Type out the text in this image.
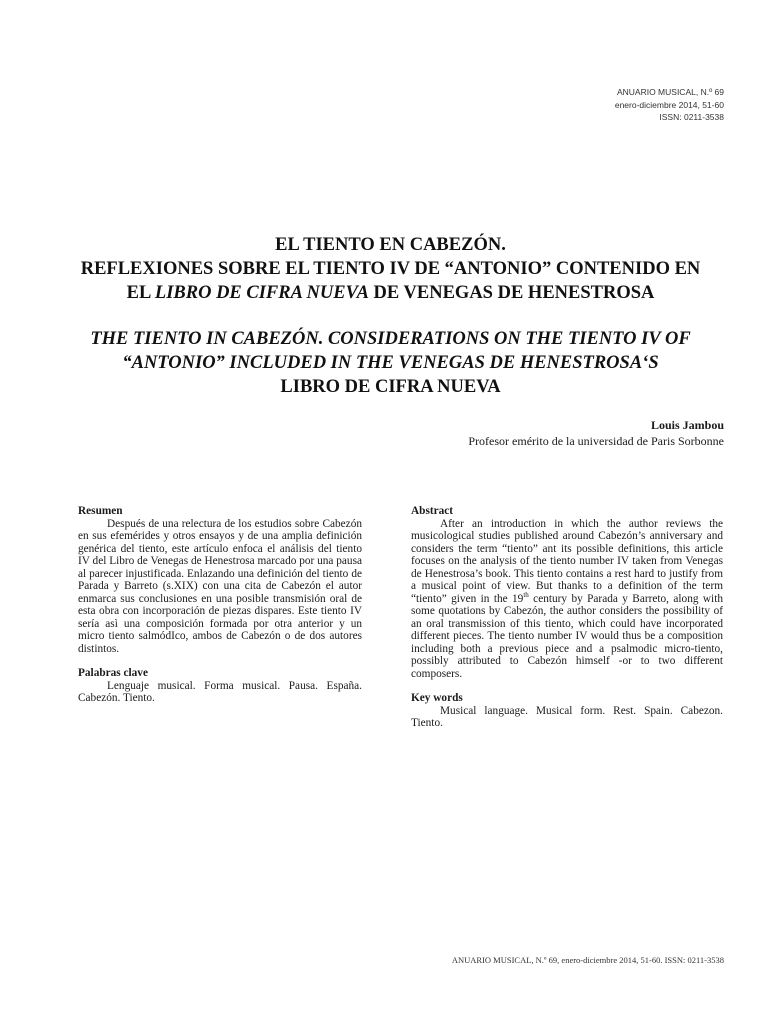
ANUARIO MUSICAL, N.º 69
enero-diciembre 2014, 51-60
ISSN: 0211-3538
EL TIENTO EN CABEZÓN.
REFLEXIONES SOBRE EL TIENTO IV DE “ANTONIO” CONTENIDO EN
EL LIBRO DE CIFRA NUEVA DE VENEGAS DE HENESTROSA
THE TIENTO IN CABEZÓN. CONSIDERATIONS ON THE TIENTO IV OF
“ANTONIO” INCLUDED IN THE VENEGAS DE HENESTROSA‘S
LIBRO DE CIFRA NUEVA
Louis Jambou
Profesor emérito de la universidad de Paris Sorbonne
Resumen

Después de una relectura de los estudios sobre Cabezón en sus efemérides y otros ensayos y de una amplia definición genérica del tiento, este artículo enfoca el análisis del tiento IV del Libro de Venegas de Henestrosa marcado por una pausa al parecer injustificada. Enlazando una definición del tiento de Parada y Barreto (s.XIX) con una cita de Cabezón el autor enmarca sus conclusiones en una posible transmisión oral de esta obra con incorporación de piezas dispares. Este tiento IV sería asì una composición formada por otra anterior y un micro tiento salmódIco, ambos de Cabezón o de dos autores distintos.

Palabras clave

Lenguaje musical. Forma musical. Pausa. España. Cabezón. Tiento.

Abstract

After an introduction in which the author reviews the musicological studies published around Cabezón’s anniversary and considers the term “tiento” ant its possible definitions, this article focuses on the analysis of the tiento number IV taken from Venegas de Henestrosa’s book. This tiento contains a rest hard to justify from a musical point of view. But thanks to a definition of the term “tiento” given in the 19th century by Parada y Barreto, along with some quotations by Cabezón, the author considers the possibility of an oral transmission of this tiento, which could have incorporated different pieces. The tiento number IV would thus be a composition including both a previous piece and a psalmodic micro-tiento, possibly attributed to Cabezón himself -or to two different composers.

Key words

Musical language. Musical form. Rest. Spain. Cabezon. Tiento.

ANUARIO MUSICAL, N.º 69, enero-diciembre 2014, 51-60. ISSN: 0211-3538
